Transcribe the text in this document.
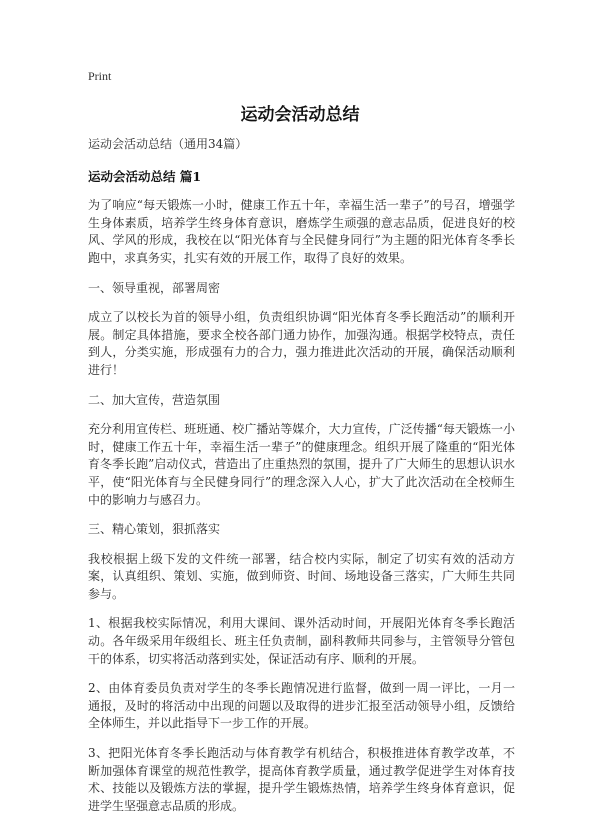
Print
运动会活动总结

运动会活动总结（通用34篇）

运动会活动总结 篇1

为了响应“每天锻炼一小时，健康工作五十年，幸福生活一辈子”的号召，增强学生身体素质，培养学生终身体育意识，磨炼学生顽强的意志品质，促进良好的校风、学风的形成，我校在以“阳光体育与全民健身同行”为主题的阳光体育冬季长跑中，求真务实，扎实有效的开展工作，取得了良好的效果。

一、领导重视，部署周密

成立了以校长为首的领导小组，负责组织协调“阳光体育冬季长跑活动”的顺利开展。制定具体措施，要求全校各部门通力协作，加强沟通。根据学校特点，责任到人，分类实施，形成强有力的合力，强力推进此次活动的开展，确保活动顺利进行！

二、加大宣传，营造氛围

充分利用宣传栏、班班通、校广播站等媒介，大力宣传，广泛传播“每天锻炼一小时，健康工作五十年，幸福生活一辈子”的健康理念。组织开展了隆重的“阳光体育冬季长跑”启动仪式，营造出了庄重热烈的氛围，提升了广大师生的思想认识水平，使“阳光体育与全民健身同行”的理念深入人心，扩大了此次活动在全校师生中的影响力与感召力。

三、精心策划，狠抓落实

我校根据上级下发的文件统一部署，结合校内实际，制定了切实有效的活动方案，认真组织、策划、实施，做到师资、时间、场地设备三落实，广大师生共同参与。

1、根据我校实际情况，利用大课间、课外活动时间，开展阳光体育冬季长跑活动。各年级采用年级组长、班主任负责制，副科教师共同参与，主管领导分管包干的体系，切实将活动落到实处，保证活动有序、顺利的开展。

2、由体育委员负责对学生的冬季长跑情况进行监督，做到一周一评比，一月一通报，及时的将活动中出现的问题以及取得的进步汇报至活动领导小组，反馈给全体师生，并以此指导下一步工作的开展。

3、把阳光体育冬季长跑活动与体育教学有机结合，积极推进体育教学改革，不断加强体育课堂的规范性教学，提高体育教学质量，通过教学促进学生对体育技术、技能以及锻炼方法的掌握，提升学生锻炼热情，培养学生终身体育意识，促进学生坚强意志品质的形成。
